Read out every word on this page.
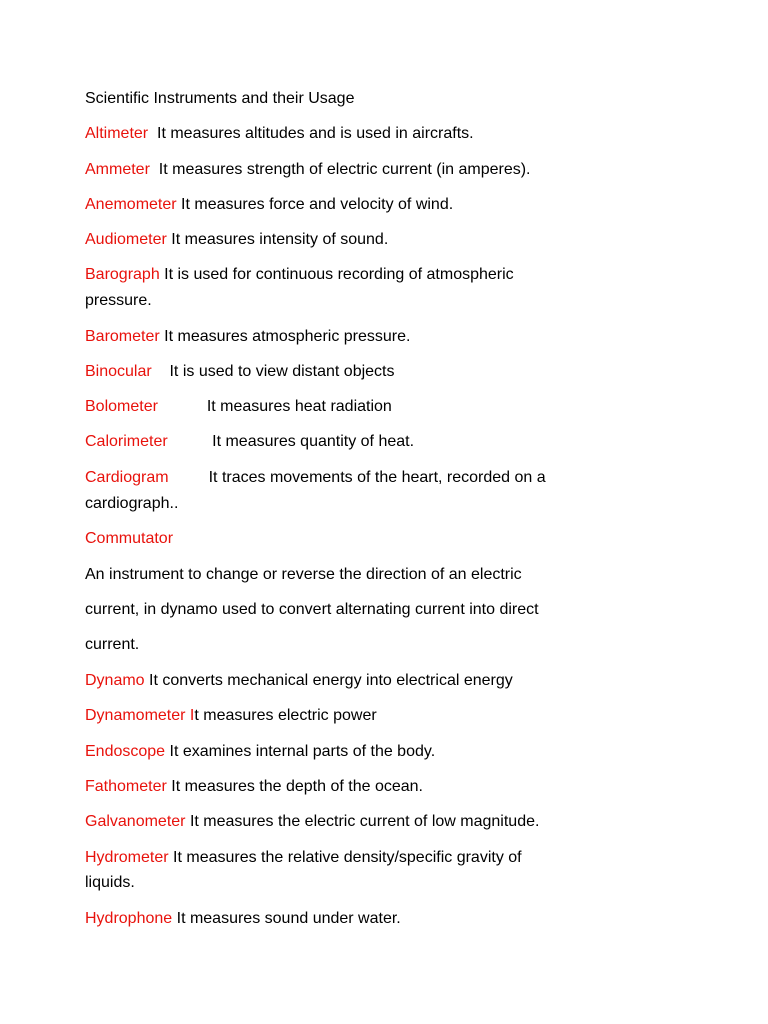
Scientific Instruments and their Usage
Altimeter  It measures altitudes and is used in aircrafts.
Ammeter  It measures strength of electric current (in amperes).
Anemometer It measures force and velocity of wind.
Audiometer It measures intensity of sound.
Barograph It is used for continuous recording of atmospheric
pressure.
Barometer It measures atmospheric pressure.
Binocular    It is used to view distant objects
Bolometer           It measures heat radiation
Calorimeter          It measures quantity of heat.
Cardiogram         It traces movements of the heart, recorded on a
cardiograph..
Commutator
An instrument to change or reverse the direction of an electric
current, in dynamo used to convert alternating current into direct
current.
Dynamo It converts mechanical energy into electrical energy
Dynamometer It measures electric power
Endoscope It examines internal parts of the body.
Fathometer It measures the depth of the ocean.
Galvanometer It measures the electric current of low magnitude.
Hydrometer It measures the relative density/specific gravity of
liquids.
Hydrophone It measures sound under water.
